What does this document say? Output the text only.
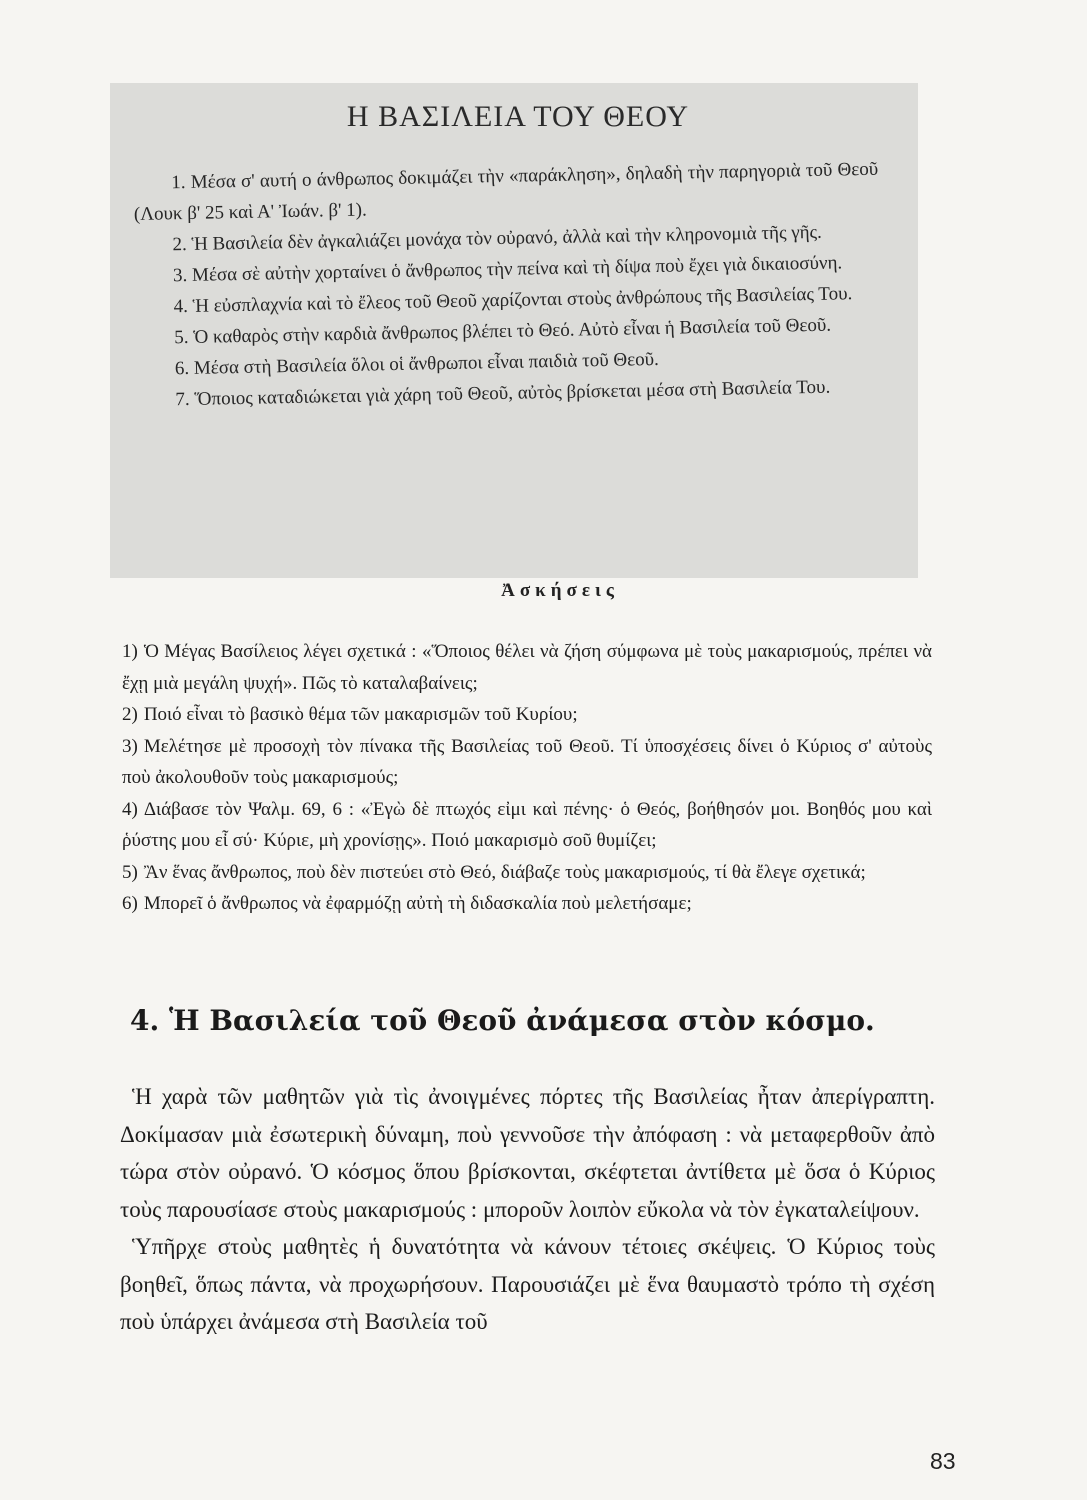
Η ΒΑΣΙΛΕΙΑ ΤΟΥ ΘΕΟΥ

1. Μέσα σ' αυτή ο άνθρωπος δοκιμάζει τὴν «παράκληση», δηλαδὴ τὴν παρηγοριὰ τοῦ Θεοῦ (Λουκ β' 25 καὶ Α' Ἰωάν. β' 1).

2. Ἡ Βασιλεία δὲν ἀγκαλιάζει μονάχα τὸν οὐρανό, ἀλλὰ καὶ τὴν κληρονομιὰ τῆς γῆς.

3. Μέσα σὲ αὐτὴν χορταίνει ὁ ἄνθρωπος τὴν πείνα καὶ τὴ δίψα ποὺ ἔχει γιὰ δικαιοσύνη.

4. Ἡ εὐσπλαχνία καὶ τὸ ἔλεος τοῦ Θεοῦ χαρίζονται στοὺς ἀνθρώπους τῆς Βασιλείας Του.

5. Ὁ καθαρὸς στὴν καρδιὰ ἄνθρωπος βλέπει τὸ Θεό. Αὐτὸ εἶναι ἡ Βασιλεία τοῦ Θεοῦ.

6. Μέσα στὴ Βασιλεία ὅλοι οἱ ἄνθρωποι εἶναι παιδιὰ τοῦ Θεοῦ.

7. Ὅποιος καταδιώκεται γιὰ χάρη τοῦ Θεοῦ, αὐτὸς βρίσκεται μέσα στὴ Βασιλεία Του.

Ἀσκήσεις

1) Ὁ Μέγας Βασίλειος λέγει σχετικά : «Ὅποιος θέλει νὰ ζήση σύμφωνα μὲ τοὺς μακαρισμούς, πρέπει νὰ ἔχῃ μιὰ μεγάλη ψυχή». Πῶς τὸ καταλαβαίνεις;

2) Ποιό εἶναι τὸ βασικὸ θέμα τῶν μακαρισμῶν τοῦ Κυρίου;

3) Μελέτησε μὲ προσοχὴ τὸν πίνακα τῆς Βασιλείας τοῦ Θεοῦ. Τί ὑποσχέσεις δίνει ὁ Κύριος σ' αὐτοὺς ποὺ ἀκολουθοῦν τοὺς μακαρισμούς;

4) Διάβασε τὸν Ψαλμ. 69, 6 : «Ἐγὼ δὲ πτωχός εἰμι καὶ πένης· ὁ Θεός, βοήθησόν μοι. Βοηθός μου καὶ ῥύστης μου εἶ σύ· Κύριε, μὴ χρονίσῃς». Ποιό μακαρισμὸ σοῦ θυμίζει;

5) Ἂν ἕνας ἄνθρωπος, ποὺ δὲν πιστεύει στὸ Θεό, διάβαζε τοὺς μακαρισμούς, τί θὰ ἔλεγε σχετικά;

6) Μπορεῖ ὁ ἄνθρωπος νὰ ἐφαρμόζῃ αὐτὴ τὴ διδασκαλία ποὺ μελετήσαμε;

4. Ἡ Βασιλεία τοῦ Θεοῦ ἀνάμεσα στὸν κόσμο.

Ἡ χαρὰ τῶν μαθητῶν γιὰ τὶς ἀνοιγμένες πόρτες τῆς Βασιλείας ἦταν ἀπερίγραπτη. Δοκίμασαν μιὰ ἐσωτερικὴ δύναμη, ποὺ γεννοῦσε τὴν ἀπόφαση : νὰ μεταφερθοῦν ἀπὸ τώρα στὸν οὐρανό. Ὁ κόσμος ὅπου βρίσκονται, σκέφτεται ἀντίθετα μὲ ὅσα ὁ Κύριος τοὺς παρουσίασε στοὺς μακαρισμούς : μποροῦν λοιπὸν εὔκολα νὰ τὸν ἐγκαταλείψουν.

Ὑπῆρχε στοὺς μαθητὲς ἡ δυνατότητα νὰ κάνουν τέτοιες σκέψεις. Ὁ Κύριος τοὺς βοηθεῖ, ὅπως πάντα, νὰ προχωρήσουν. Παρουσιάζει μὲ ἕνα θαυμαστὸ τρόπο τὴ σχέση ποὺ ὑπάρχει ἀνάμεσα στὴ Βασιλεία τοῦ

83
